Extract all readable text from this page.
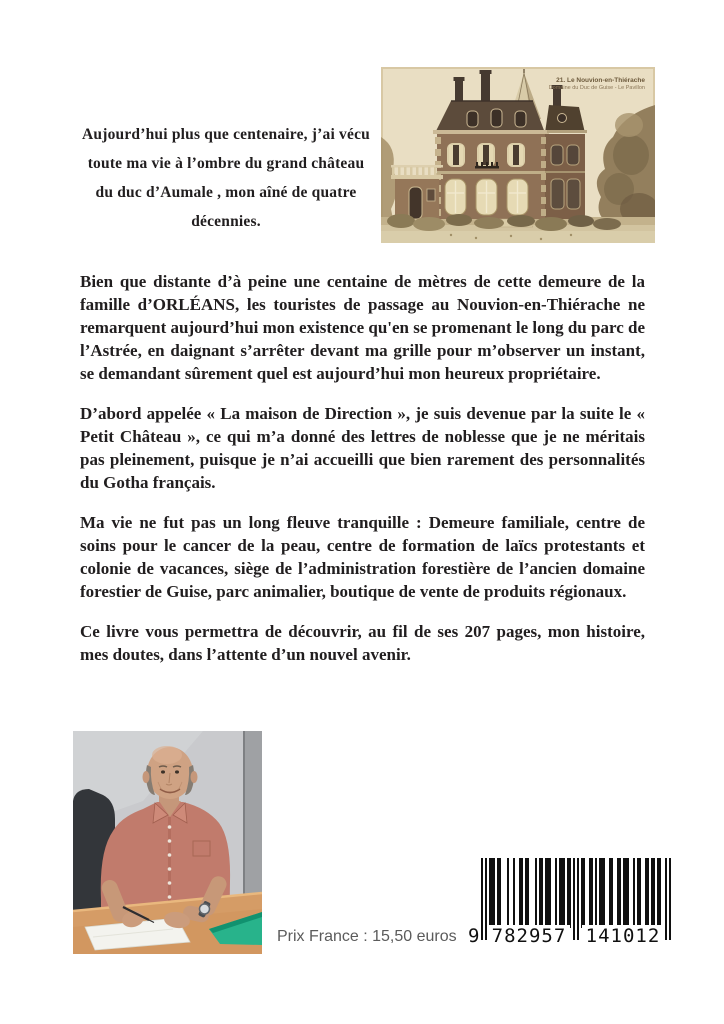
Aujourd’hui plus que centenaire, j’ai vécu
toute ma vie à l’ombre du grand château
du duc d’Aumale , mon aîné de quatre
décennies.
21. Le Nouvion-en-Thiérache
Domaine du Duc de Guise - Le Pavillon

Bien que distante d’à peine une centaine de mètres de cette demeure de la famille d’ORLÉANS, les touristes de passage au Nouvion-en-Thiérache ne remarquent aujourd’hui mon existence qu'en se promenant le long du parc de l’Astrée, en daignant s’arrêter devant ma grille pour m’observer un instant, se demandant sûrement quel est aujourd’hui mon heureux propriétaire.

D’abord appelée « La maison de Direction », je suis devenue par la suite le « Petit Château », ce qui m’a donné des lettres de noblesse que je ne méritais pas pleinement, puisque je n’ai accueilli que bien rarement des personnalités du Gotha français.

Ma vie ne fut pas un long fleuve tranquille : Demeure familiale, centre de soins pour le cancer de la peau, centre de formation de laïcs protestants et colonie de vacances, siège de l’administration forestière de l’ancien domaine forestier de Guise, parc animalier, boutique de vente de produits régionaux.

Ce livre vous permettra de découvrir, au fil de ses 207 pages, mon histoire, mes doutes, dans l’attente d’un nouvel avenir.

Prix France : 15,50 euros 9 782957 141012
